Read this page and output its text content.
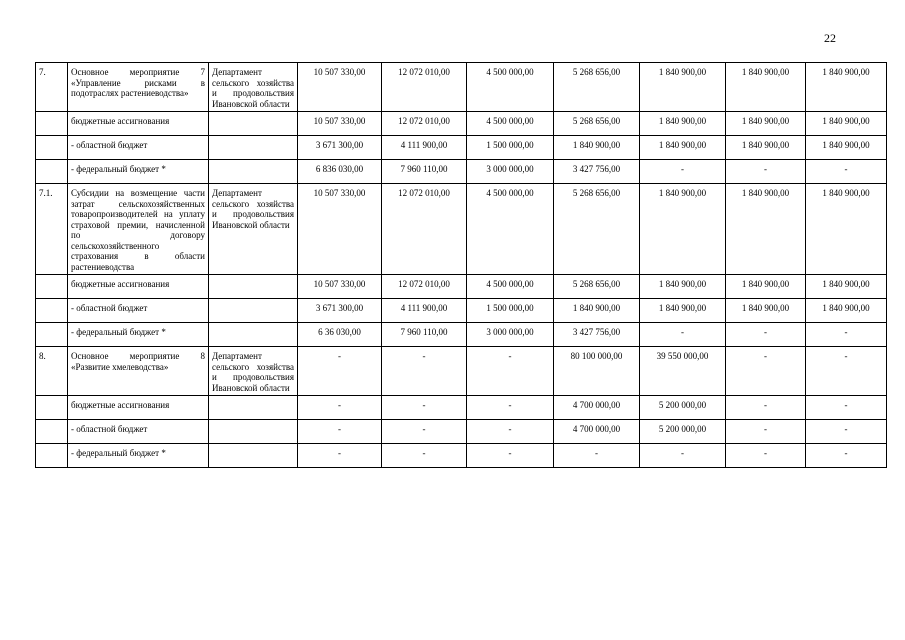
22
7.	Основное мероприятие 7 «Управление рисками в подотраслях растениеводства»	Департамент сельского хозяйства и продовольствия Ивановской области	10 507 330,00	12 072 010,00	4 500 000,00	5 268 656,00	1 840 900,00	1 840 900,00	1 840 900,00
	бюджетные ассигнования		10 507 330,00	12 072 010,00	4 500 000,00	5 268 656,00	1 840 900,00	1 840 900,00	1 840 900,00
	- областной бюджет		3 671 300,00	4 111 900,00	1 500 000,00	1 840 900,00	1 840 900,00	1 840 900,00	1 840 900,00
	- федеральный бюджет *		6 836 030,00	7 960 110,00	3 000 000,00	3 427 756,00	-	-	-
7.1.	Субсидии на возмещение части затрат сельскохозяйственных товаропроизводителей на уплату страховой премии, начисленной по договору сельскохозяйственного страхования в области растениеводства	Департамент сельского хозяйства и продовольствия Ивановской области	10 507 330,00	12 072 010,00	4 500 000,00	5 268 656,00	1 840 900,00	1 840 900,00	1 840 900,00
	бюджетные ассигнования		10 507 330,00	12 072 010,00	4 500 000,00	5 268 656,00	1 840 900,00	1 840 900,00	1 840 900,00
	- областной бюджет		3 671 300,00	4 111 900,00	1 500 000,00	1 840 900,00	1 840 900,00	1 840 900,00	1 840 900,00
	- федеральный бюджет *		6 36 030,00	7 960 110,00	3 000 000,00	3 427 756,00	-	-	-
8.	Основное мероприятие 8 «Развитие хмелеводства»	Департамент сельского хозяйства и продовольствия Ивановской области	-	-	-	80 100 000,00	39 550 000,00	-	-
	бюджетные ассигнования		-	-	-	4 700 000,00	5 200 000,00	-	-
	- областной бюджет		-	-	-	4 700 000,00	5 200 000,00	-	-
	- федеральный бюджет *		-	-	-	-	-	-	-
